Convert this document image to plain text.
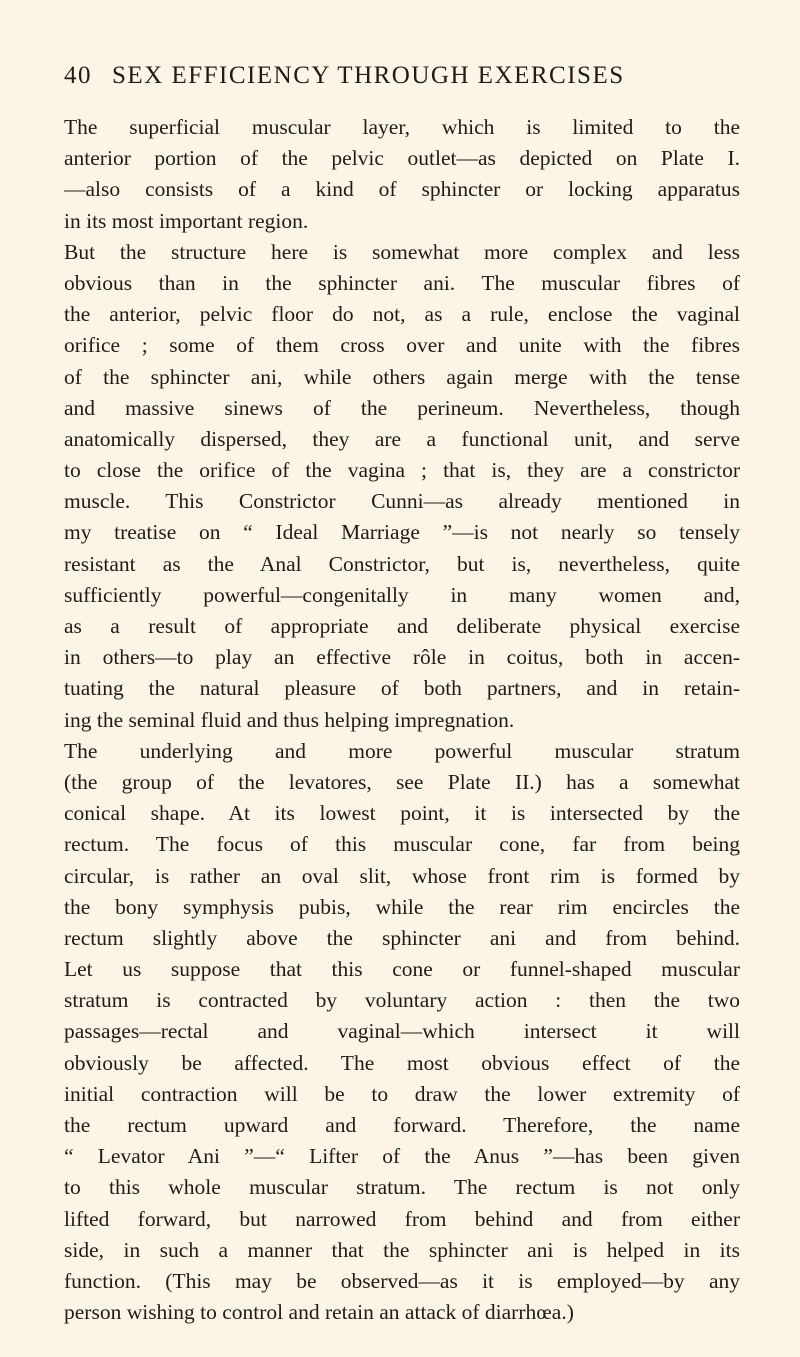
40 SEX EFFICIENCY THROUGH EXERCISES
The superficial muscular layer, which is limited to the
anterior portion of the pelvic outlet—as depicted on Plate I.
—also consists of a kind of sphincter or locking apparatus
in its most important region.
But the structure here is somewhat more complex and less
obvious than in the sphincter ani. The muscular fibres of
the anterior, pelvic floor do not, as a rule, enclose the vaginal
orifice ; some of them cross over and unite with the fibres
of the sphincter ani, while others again merge with the tense
and massive sinews of the perineum. Nevertheless, though
anatomically dispersed, they are a functional unit, and serve
to close the orifice of the vagina ; that is, they are a constrictor
muscle. This Constrictor Cunni—as already mentioned in
my treatise on “ Ideal Marriage ”—is not nearly so tensely
resistant as the Anal Constrictor, but is, nevertheless, quite
sufficiently powerful—congenitally in many women and,
as a result of appropriate and deliberate physical exercise
in others—to play an effective rôle in coitus, both in accen-
tuating the natural pleasure of both partners, and in retain-
ing the seminal fluid and thus helping impregnation.
The underlying and more powerful muscular stratum
(the group of the levatores, see Plate II.) has a somewhat
conical shape. At its lowest point, it is intersected by the
rectum. The focus of this muscular cone, far from being
circular, is rather an oval slit, whose front rim is formed by
the bony symphysis pubis, while the rear rim encircles the
rectum slightly above the sphincter ani and from behind.
Let us suppose that this cone or funnel-shaped muscular
stratum is contracted by voluntary action : then the two
passages—rectal and vaginal—which intersect it will
obviously be affected. The most obvious effect of the
initial contraction will be to draw the lower extremity of
the rectum upward and forward. Therefore, the name
“ Levator Ani ”—“ Lifter of the Anus ”—has been given
to this whole muscular stratum. The rectum is not only
lifted forward, but narrowed from behind and from either
side, in such a manner that the sphincter ani is helped in its
function. (This may be observed—as it is employed—by any
person wishing to control and retain an attack of diarrhœa.)
